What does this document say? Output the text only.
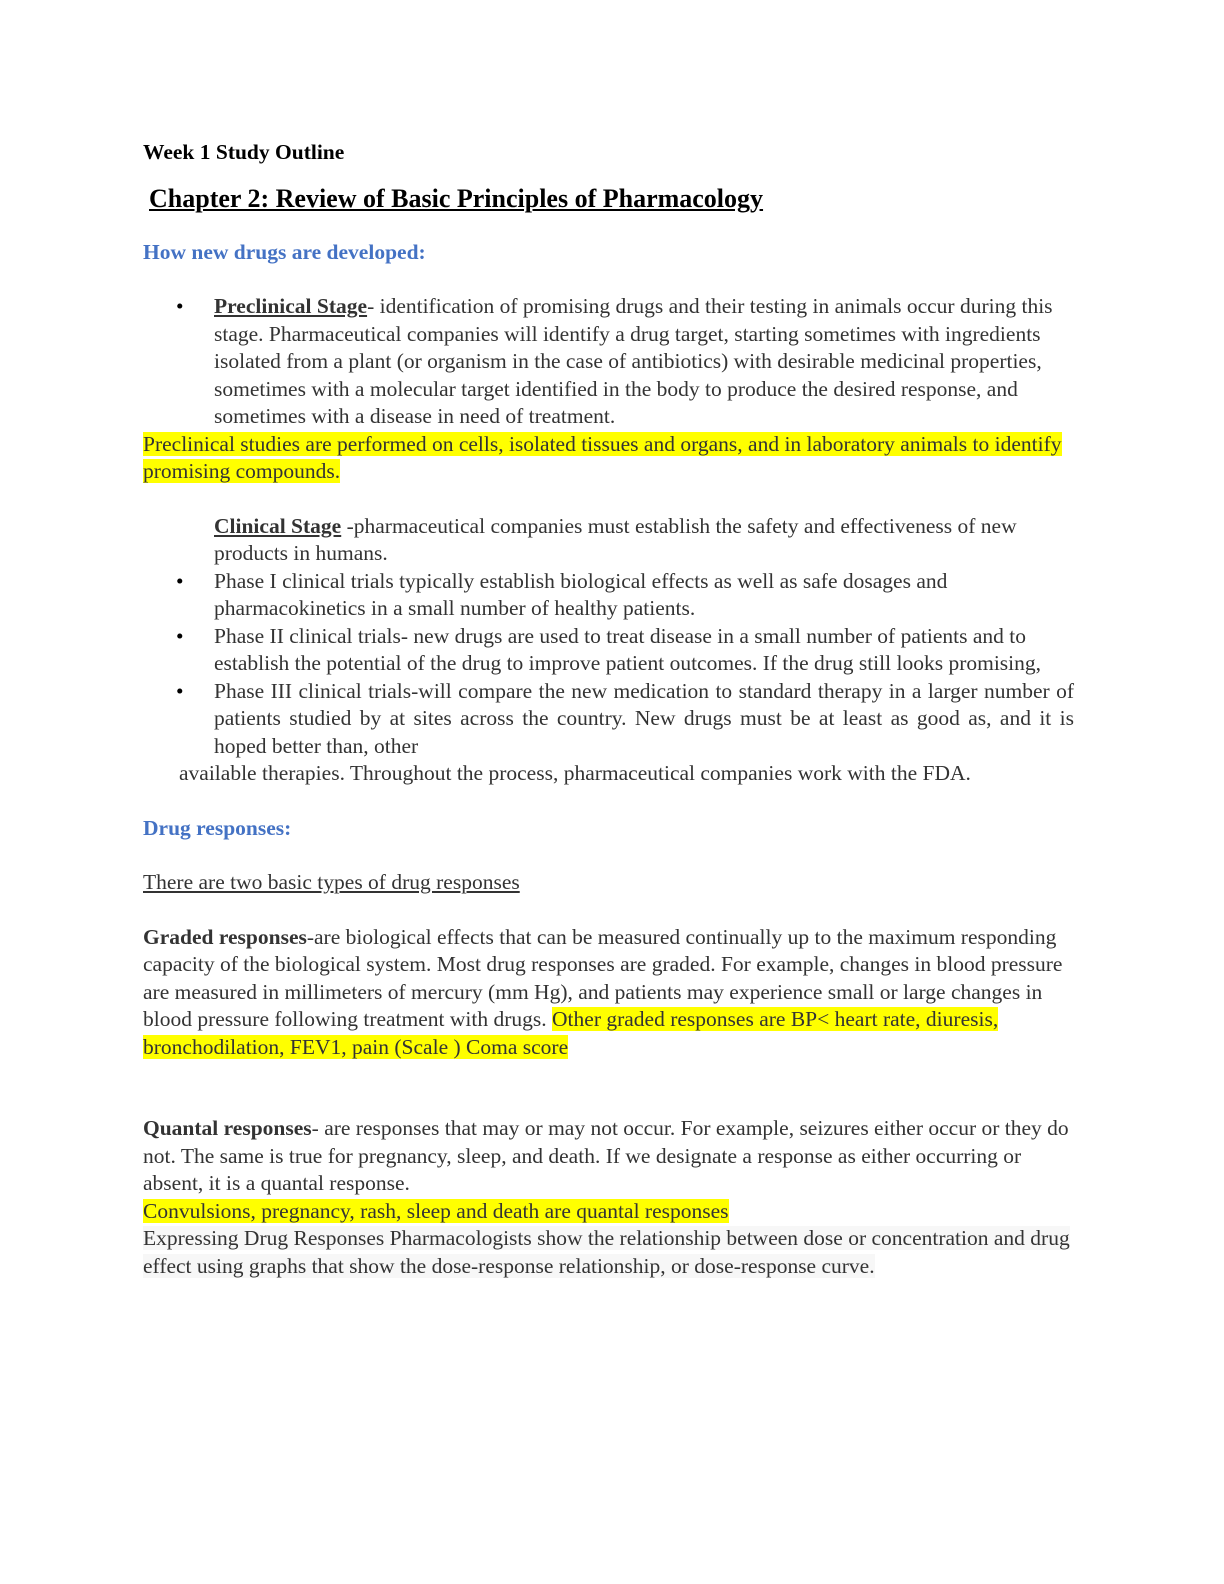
Week 1 Study Outline

Chapter 2: Review of Basic Principles of Pharmacology

How new drugs are developed:

• Preclinical Stage- identification of promising drugs and their testing in animals occur during this stage. Pharmaceutical companies will identify a drug target, starting sometimes with ingredients isolated from a plant (or organism in the case of antibiotics) with desirable medicinal properties, sometimes with a molecular target identified in the body to produce the desired response, and sometimes with a disease in need of treatment.

Preclinical studies are performed on cells, isolated tissues and organs, and in laboratory animals to identify promising compounds.

Clinical Stage -pharmaceutical companies must establish the safety and effectiveness of new products in humans.

• Phase I clinical trials typically establish biological effects as well as safe dosages and pharmacokinetics in a small number of healthy patients.

• Phase II clinical trials- new drugs are used to treat disease in a small number of patients and to establish the potential of the drug to improve patient outcomes. If the drug still looks promising,

• Phase III clinical trials-will compare the new medication to standard therapy in a larger number of patients studied by at sites across the country. New drugs must be at least as good as, and it is hoped better than, other

available therapies. Throughout the process, pharmaceutical companies work with the FDA.

Drug responses:

There are two basic types of drug responses

Graded responses-are biological effects that can be measured continually up to the maximum responding capacity of the biological system. Most drug responses are graded. For example, changes in blood pressure are measured in millimeters of mercury (mm Hg), and patients may experience small or large changes in blood pressure following treatment with drugs. Other graded responses are BP< heart rate, diuresis, bronchodilation, FEV1, pain (Scale ) Coma score

Quantal responses- are responses that may or may not occur. For example, seizures either occur or they do not. The same is true for pregnancy, sleep, and death. If we designate a response as either occurring or absent, it is a quantal response.

Convulsions, pregnancy, rash, sleep and death are quantal responses

Expressing Drug Responses Pharmacologists show the relationship between dose or concentration and drug effect using graphs that show the dose-response relationship, or dose-response curve.
